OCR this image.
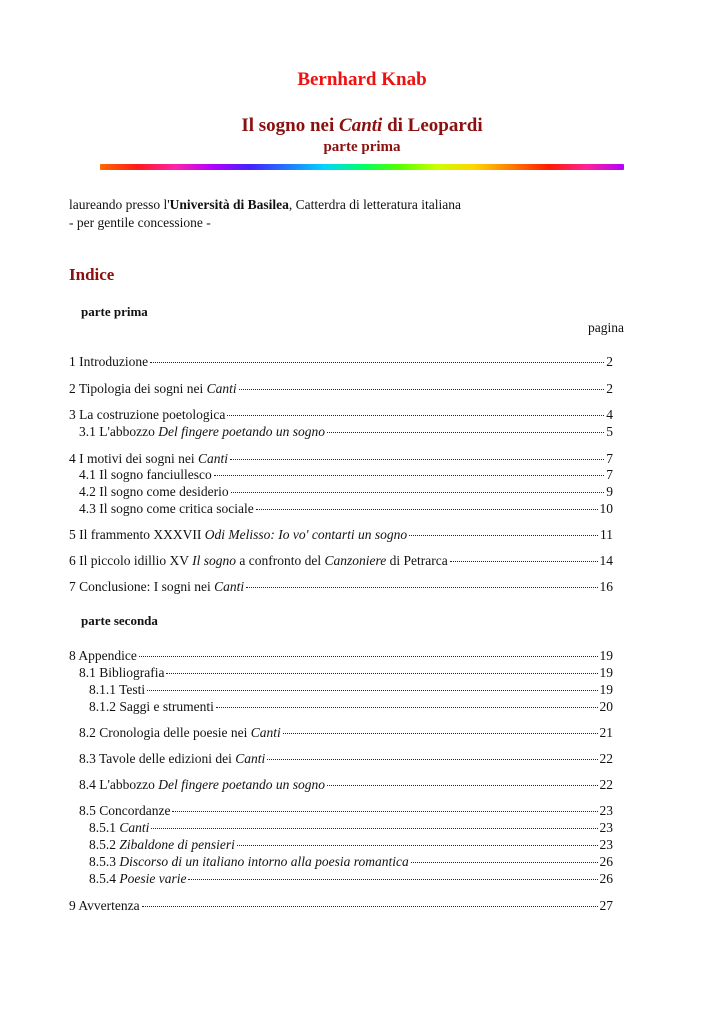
Bernhard Knab
Il sogno nei Canti di Leopardi
parte prima
laureando presso l'Università di Basilea, Catterdra di letteratura italiana
- per gentile concessione -
Indice
parte prima
pagina
parte seconda
1 Introduzione	2
2 Tipologia dei sogni nei Canti	2
3 La costruzione poetologica	4
3.1 L'abbozzo Del fingere poetando un sogno	5
4 I motivi dei sogni nei Canti	7
4.1 Il sogno fanciullesco	7
4.2 Il sogno come desiderio	9
4.3 Il sogno come critica sociale	10
5 Il frammento XXXVII Odi Melisso: Io vo' contarti un sogno	11
6 Il piccolo idillio XV Il sogno a confronto del Canzoniere di Petrarca	14
7 Conclusione: I sogni nei Canti	16
8 Appendice	19
8.1 Bibliografia	19
8.1.1 Testi	19
8.1.2 Saggi e strumenti	20
8.2 Cronologia delle poesie nei Canti	21
8.3 Tavole delle edizioni dei Canti	22
8.4 L'abbozzo Del fingere poetando un sogno	22
8.5 Concordanze	23
8.5.1 Canti	23
8.5.2 Zibaldone di pensieri	23
8.5.3 Discorso di un italiano intorno alla poesia romantica	26
8.5.4 Poesie varie	26
9 Avvertenza	27
